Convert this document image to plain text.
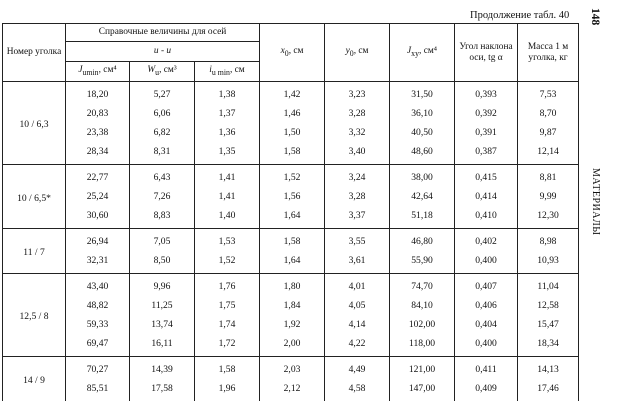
Продолжение табл. 40	148
МАТЕРИАЛЫ
Номер уголка	Справочные величины для осей			$x_0$, см	$y_0$, см	$J_{xy}$, см⁴	Угол наклона оси, tg α	Масса 1 м уголка, кг
	u - u							
	$J_{umin}$, см⁴	$W_u$, см³	$i_{u min}$, см					
10 / 6,3	18,20	5,27	1,38	1,42	3,23	31,50	0,393	7,53
	20,83	6,06	1,37	1,46	3,28	36,10	0,392	8,70
	23,38	6,82	1,36	1,50	3,32	40,50	0,391	9,87
	28,34	8,31	1,35	1,58	3,40	48,60	0,387	12,14
10 / 6,5*	22,77	6,43	1,41	1,52	3,24	38,00	0,415	8,81
	25,24	7,26	1,41	1,56	3,28	42,64	0,414	9,99
	30,60	8,83	1,40	1,64	3,37	51,18	0,410	12,30
11 / 7	26,94	7,05	1,53	1,58	3,55	46,80	0,402	8,98
	32,31	8,50	1,52	1,64	3,61	55,90	0,400	10,93
12,5 / 8	43,40	9,96	1,76	1,80	4,01	74,70	0,407	11,04
	48,82	11,25	1,75	1,84	4,05	84,10	0,406	12,58
	59,33	13,74	1,74	1,92	4,14	102,00	0,404	15,47
	69,47	16,11	1,72	2,00	4,22	118,00	0,400	18,34
14 / 9	70,27	14,39	1,58	2,03	4,49	121,00	0,411	14,13
	85,51	17,58	1,96	2,12	4,58	147,00	0,409	17,46
